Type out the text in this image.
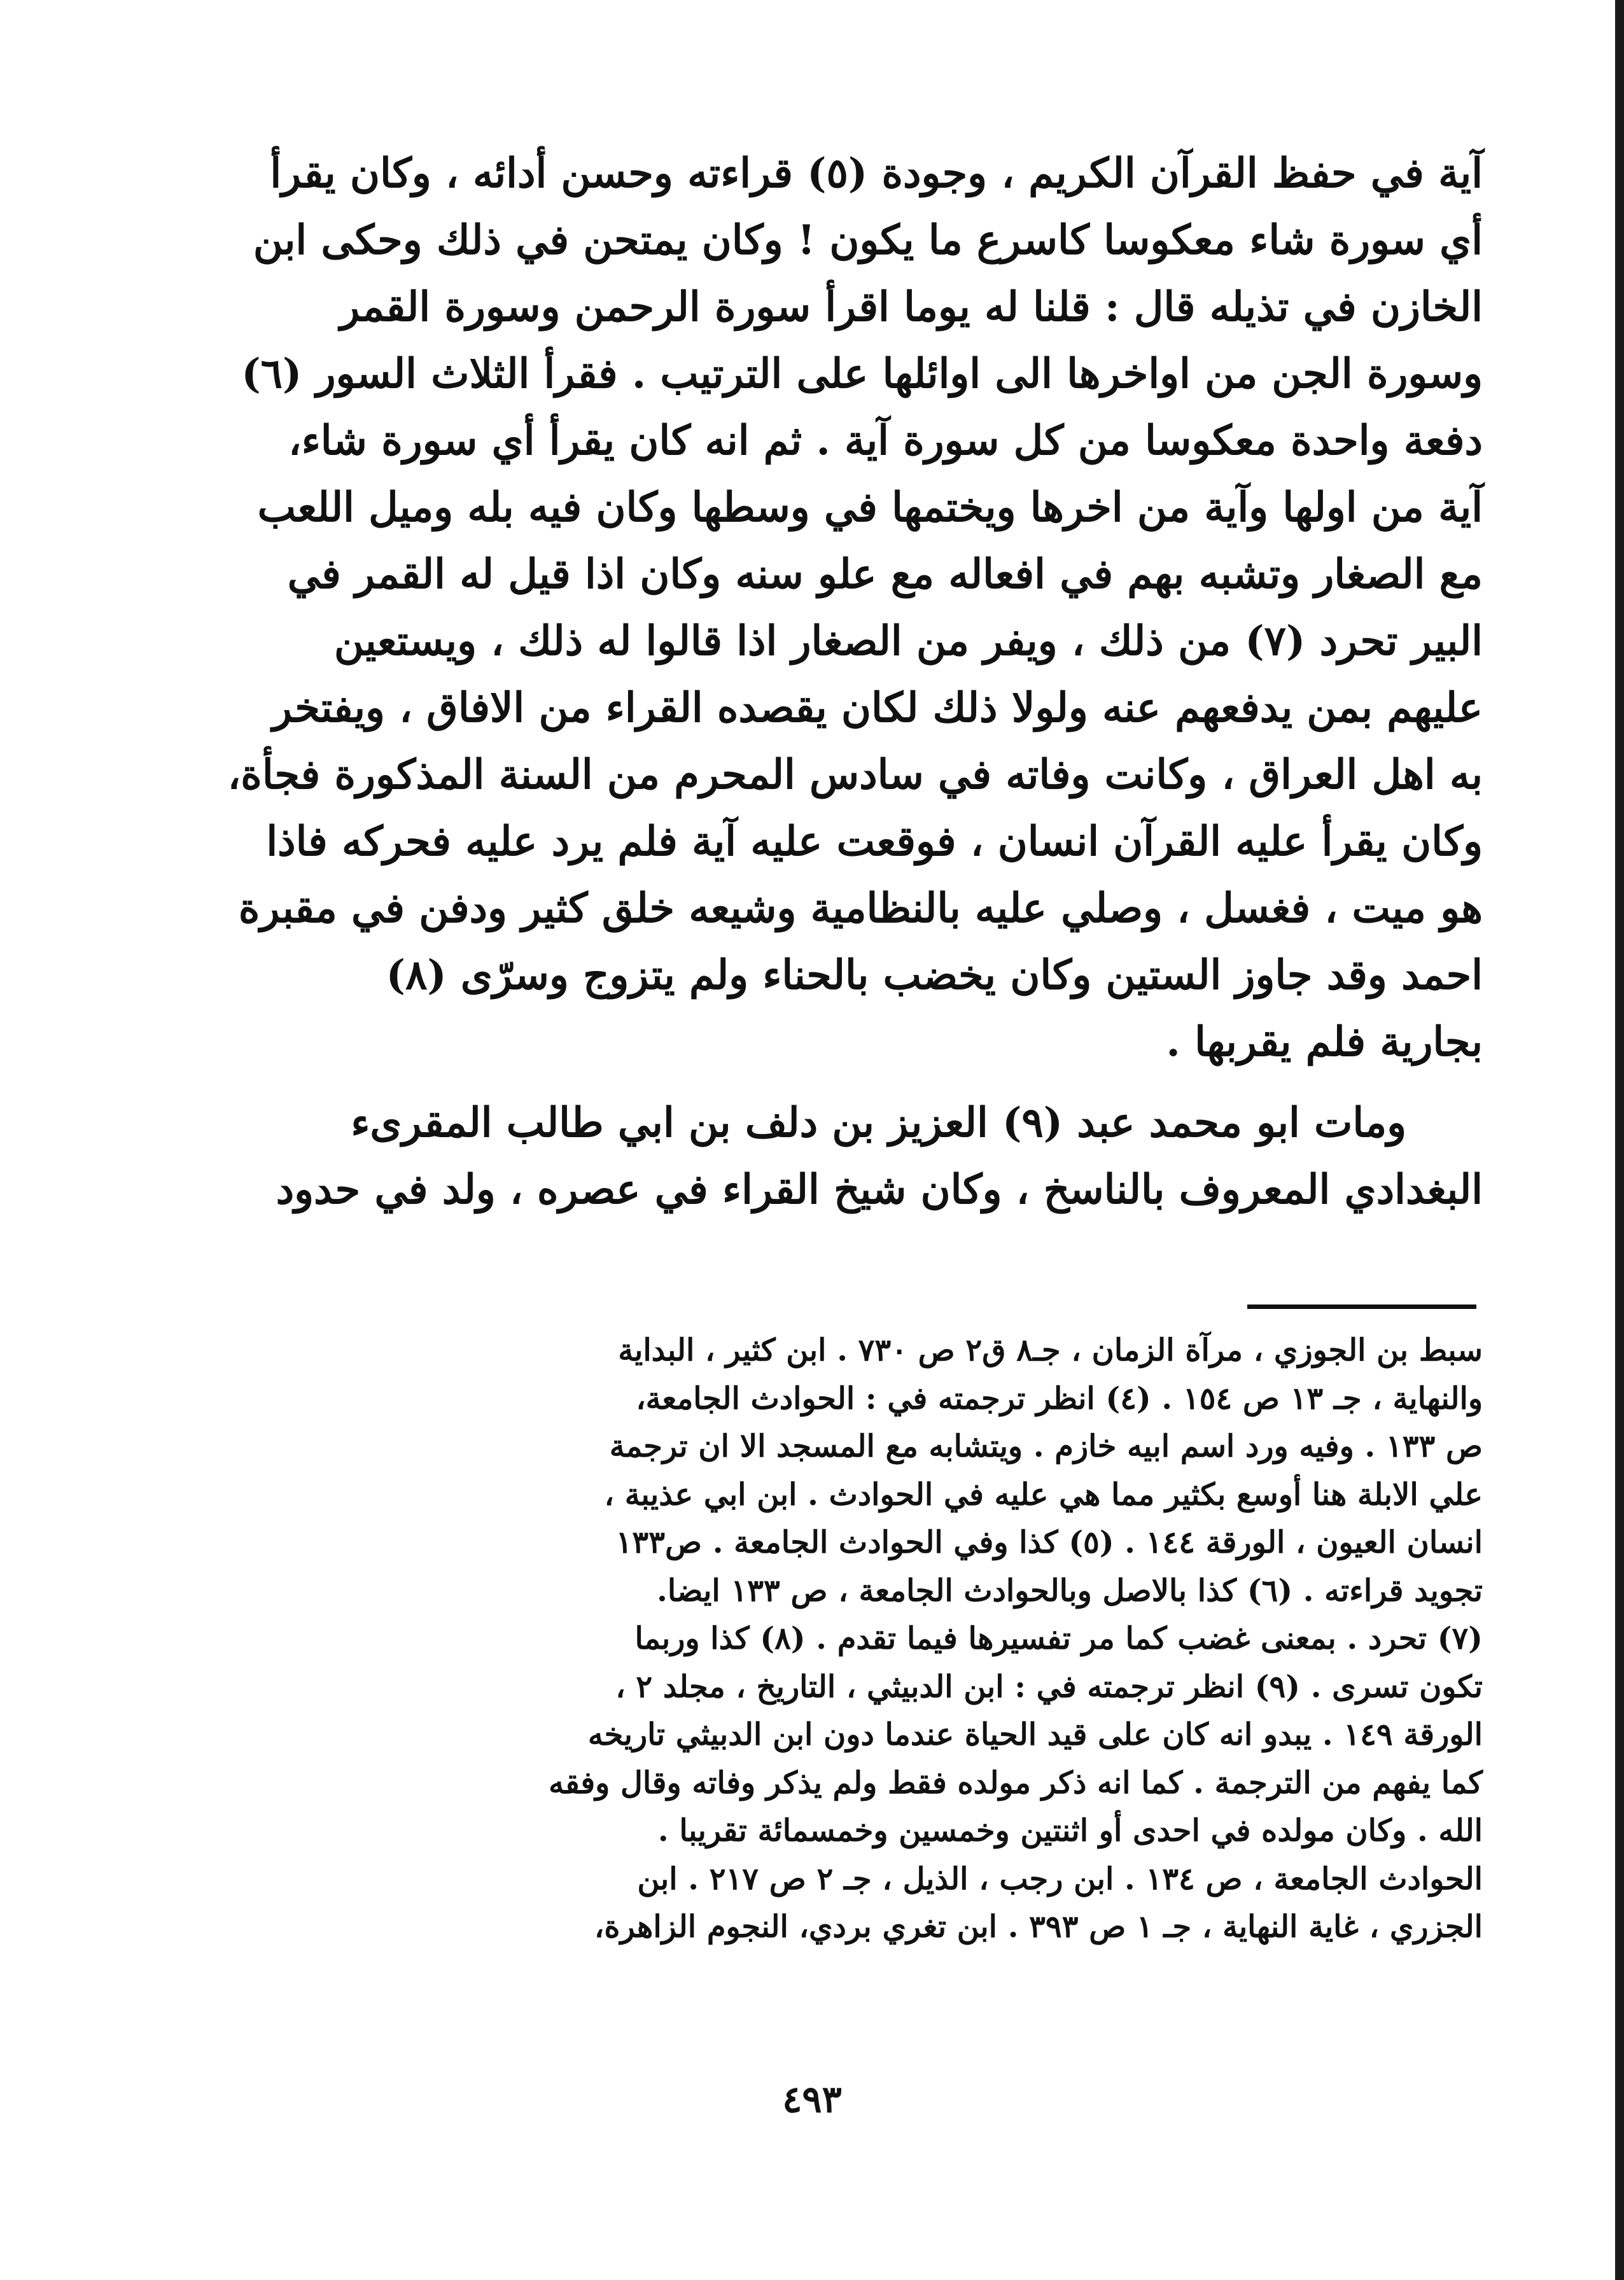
آية في حفظ القرآن الكريم ، وجودة (٥) قراءته وحسن أدائه ، وكان يقرأ
أي سورة شاء معكوسا كاسرع ما يكون ! وكان يمتحن في ذلك وحكى ابن
الخازن في تذيله قال : قلنا له يوما اقرأ سورة الرحمن وسورة القمر
وسورة الجن من اواخرها الى اوائلها على الترتيب . فقرأ الثلاث السور (٦)
دفعة واحدة معكوسا من كل سورة آية . ثم انه كان يقرأ أي سورة شاء،
آية من اولها وآية من اخرها ويختمها في وسطها وكان فيه بله وميل اللعب
مع الصغار وتشبه بهم في افعاله مع علو سنه وكان اذا قيل له القمر في
البير تحرد (٧) من ذلك ، ويفر من الصغار اذا قالوا له ذلك ، ويستعين
عليهم بمن يدفعهم عنه ولولا ذلك لكان يقصده القراء من الافاق ، ويفتخر
به اهل العراق ، وكانت وفاته في سادس المحرم من السنة المذكورة فجأة،
وكان يقرأ عليه القرآن انسان ، فوقعت عليه آية فلم يرد عليه فحركه فاذا
هو ميت ، فغسل ، وصلي عليه بالنظامية وشيعه خلق كثير ودفن في مقبرة
احمد وقد جاوز الستين وكان يخضب بالحناء ولم يتزوج وسرّى (٨)
بجارية فلم يقربها .
ومات ابو محمد عبد (٩) العزيز بن دلف بن ابي طالب المقرىء
البغدادي المعروف بالناسخ ، وكان شيخ القراء في عصره ، ولد في حدود
سبط بن الجوزي ، مرآة الزمان ، جـ٨ ق٢ ص ٧٣٠ . ابن كثير ، البداية
والنهاية ، جـ ١٣ ص ١٥٤ . (٤) انظر ترجمته في : الحوادث الجامعة،
ص ١٣٣ . وفيه ورد اسم ابيه خازم . ويتشابه مع المسجد الا ان ترجمة
علي الابلة هنا أوسع بكثير مما هي عليه في الحوادث . ابن ابي عذيبة ،
انسان العيون ، الورقة ١٤٤ . (٥) كذا وفي الحوادث الجامعة . ص١٣٣
تجويد قراءته . (٦) كذا بالاصل وبالحوادث الجامعة ، ص ١٣٣ ايضا.
(٧) تحرد . بمعنى غضب كما مر تفسيرها فيما تقدم . (٨) كذا وربما
تكون تسرى . (٩) انظر ترجمته في : ابن الدبيثي ، التاريخ ، مجلد ٢ ،
الورقة ١٤٩ . يبدو انه كان على قيد الحياة عندما دون ابن الدبيثي تاريخه
كما يفهم من الترجمة . كما انه ذكر مولده فقط ولم يذكر وفاته وقال وفقه
الله . وكان مولده في احدى أو اثنتين وخمسين وخمسمائة تقريبا .
الحوادث الجامعة ، ص ١٣٤ . ابن رجب ، الذيل ، جـ ٢ ص ٢١٧ . ابن
الجزري ، غاية النهاية ، جـ ١ ص ٣٩٣ . ابن تغري بردي، النجوم الزاهرة،
٤٩٣
